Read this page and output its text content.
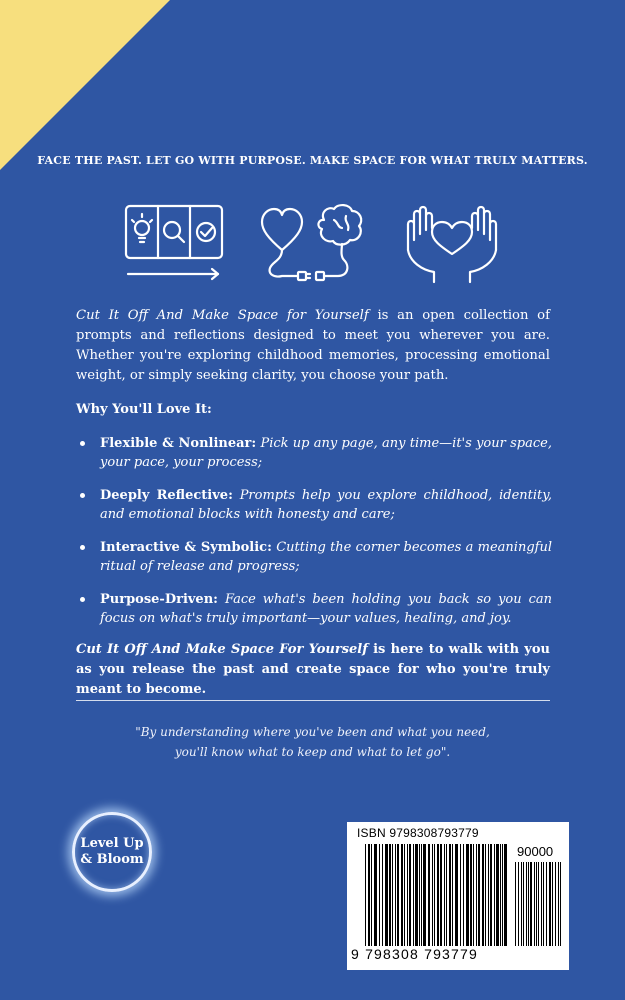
FACE THE PAST. LET GO WITH PURPOSE. MAKE SPACE FOR WHAT TRULY MATTERS.
Cut It Off And Make Space for Yourself is an open collection of prompts and reflections designed to meet you wherever you are. Whether you're exploring childhood memories, processing emotional weight, or simply seeking clarity, you choose your path.
Why You'll Love It:
Flexible & Nonlinear: Pick up any page, any time—it's your space, your pace, your process;
Deeply Reflective: Prompts help you explore childhood, identity, and emotional blocks with honesty and care;
Interactive & Symbolic: Cutting the corner becomes a meaningful ritual of release and progress;
Purpose-Driven: Face what's been holding you back so you can focus on what's truly important—your values, healing, and joy.
Cut It Off And Make Space For Yourself is here to walk with you as you release the past and create space for who you're truly meant to become.
"By understanding where you've been and what you need,
you'll know what to keep and what to let go".
Level Up
& Bloom
ISBN 9798308793779
90000
9 798308 793779
